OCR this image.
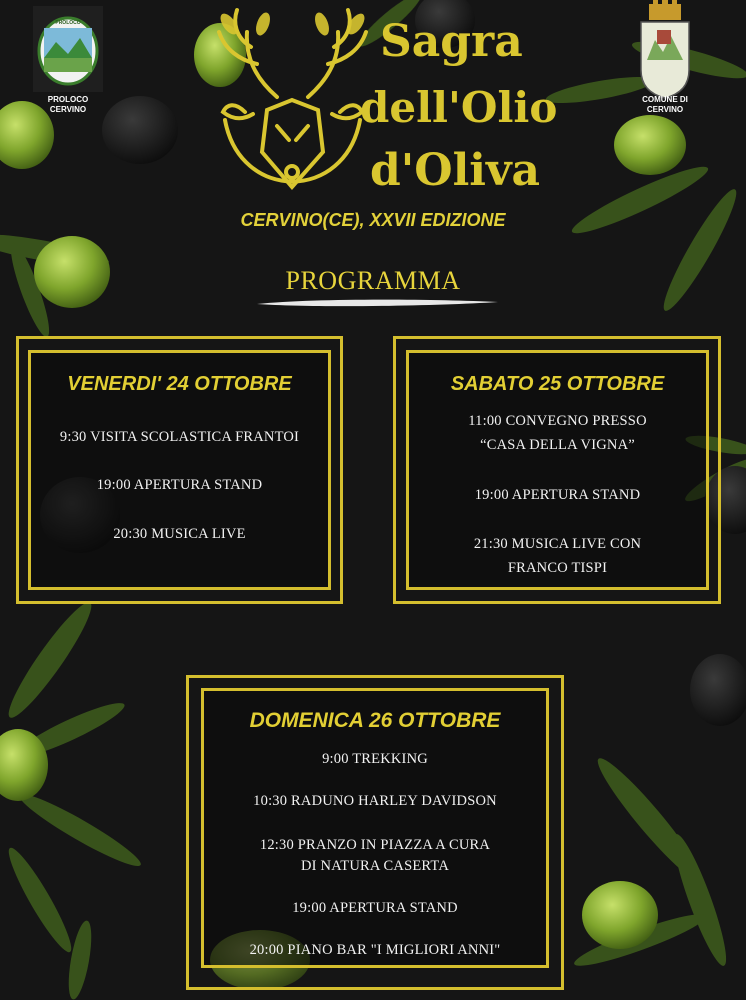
PROLOCO
PROLOCO
CERVINO
COMUNE DI
CERVINO
Sagra
dell'Olio
d'Oliva
CERVINO(CE), XXVII EDIZIONE
PROGRAMMA
VENERDI' 24 OTTOBRE
9:30 VISITA SCOLASTICA FRANTOI
19:00 APERTURA STAND
20:30 MUSICA LIVE
SABATO 25 OTTOBRE
11:00 CONVEGNO PRESSO
“CASA DELLA VIGNA”
19:00 APERTURA STAND
21:30 MUSICA LIVE CON
FRANCO TISPI
DOMENICA 26 OTTOBRE
9:00 TREKKING
10:30 RADUNO HARLEY DAVIDSON
12:30 PRANZO IN PIAZZA A CURA
DI NATURA CASERTA
19:00 APERTURA STAND
20:00 PIANO BAR "I MIGLIORI ANNI"
